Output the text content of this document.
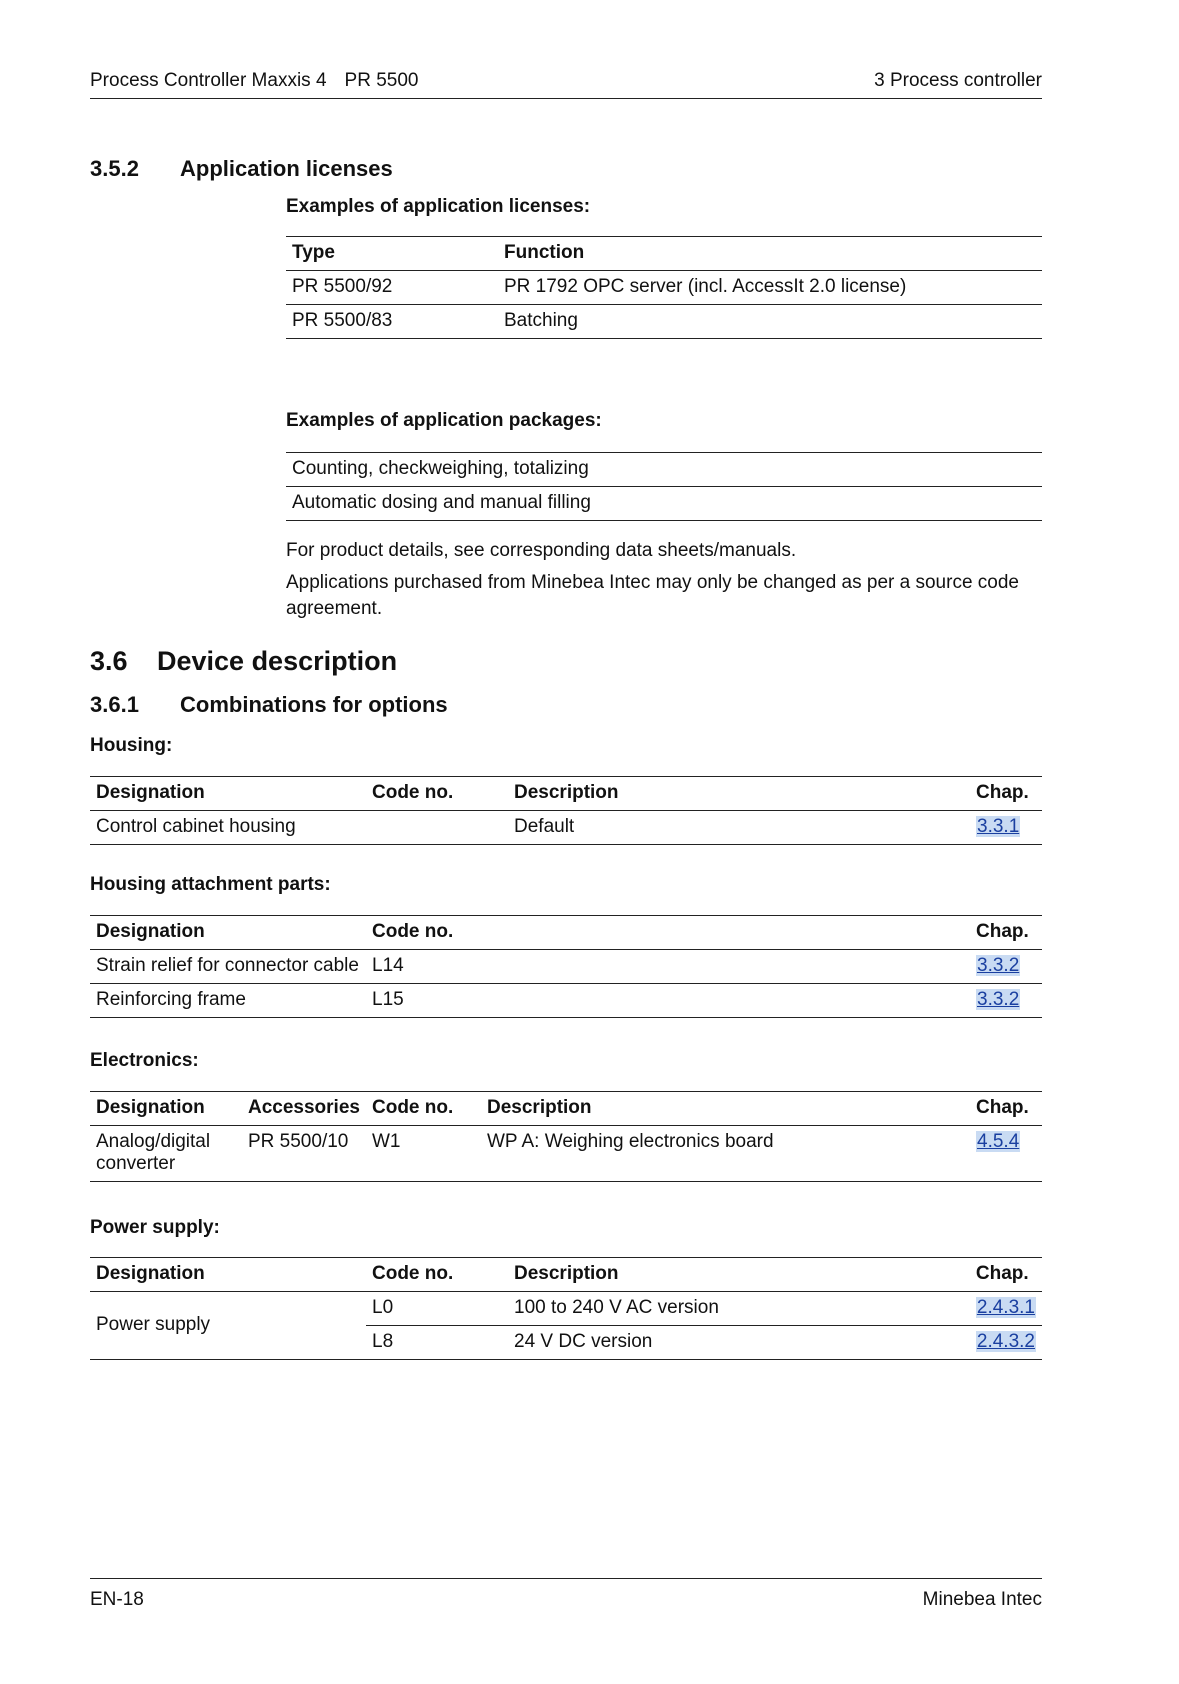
Process Controller Maxxis 4 PR 5500	3 Process controller
3.5.2	Application licenses
Examples of application licenses:
Type	Function
PR 5500/92	PR 1792 OPC server (incl. AccessIt 2.0 license)
PR 5500/83	Batching
Examples of application packages:
Counting, checkweighing, totalizing
Automatic dosing and manual filling
For product details, see corresponding data sheets/manuals.
Applications purchased from Minebea Intec may only be changed as per a source code agreement.
3.6	Device description
3.6.1	Combinations for options
Housing:
Designation	Code no.	Description	Chap.
Control cabinet housing		Default	3.3.1
Housing attachment parts:
Designation	Code no.	Chap.
Strain relief for connector cable	L14	3.3.2
Reinforcing frame	L15	3.3.2
Electronics:
Designation	Accessories	Code no.	Description	Chap.
Analog/digital converter	PR 5500/10	W1	WP A: Weighing electronics board	4.5.4
Power supply:
Designation	Code no.	Description	Chap.
Power supply	L0	100 to 240 V AC version	2.4.3.1
	L8	24 V DC version	2.4.3.2
EN-18	Minebea Intec
